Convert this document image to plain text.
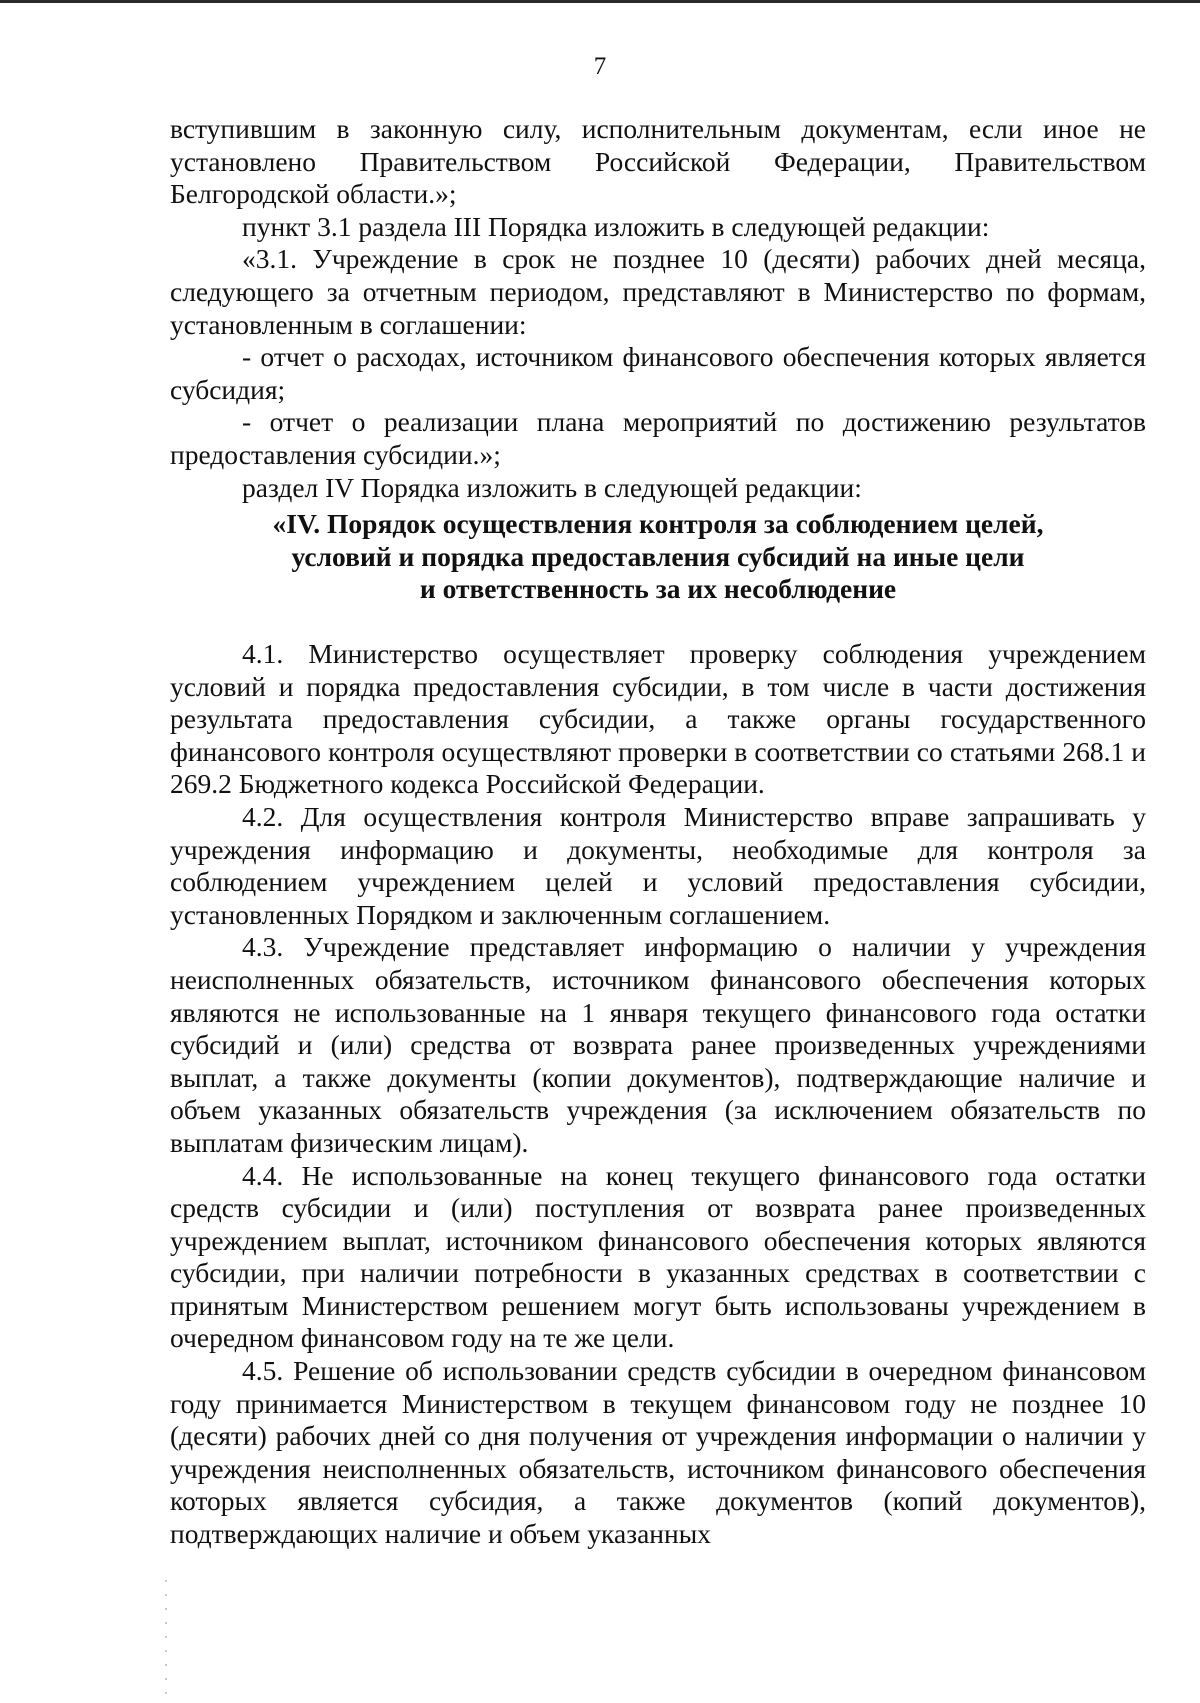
7

вступившим в законную силу, исполнительным документам, если иное не установлено Правительством Российской Федерации, Правительством Белгородской области.»;

пункт 3.1 раздела III Порядка изложить в следующей редакции:

«3.1. Учреждение в срок не позднее 10 (десяти) рабочих дней месяца, следующего за отчетным периодом, представляют в Министерство по формам, установленным в соглашении:

- отчет о расходах, источником финансового обеспечения которых является субсидия;

- отчет о реализации плана мероприятий по достижению результатов предоставления субсидии.»;

раздел IV Порядка изложить в следующей редакции:

«IV. Порядок осуществления контроля за соблюдением целей,
условий и порядка предоставления субсидий на иные цели
и ответственность за их несоблюдение

4.1. Министерство осуществляет проверку соблюдения учреждением условий и порядка предоставления субсидии, в том числе в части достижения результата предоставления субсидии, а также органы государственного финансового контроля осуществляют проверки в соответствии со статьями 268.1 и 269.2 Бюджетного кодекса Российской Федерации.

4.2. Для осуществления контроля Министерство вправе запрашивать у учреждения информацию и документы, необходимые для контроля за соблюдением учреждением целей и условий предоставления субсидии, установленных Порядком и заключенным соглашением.

4.3. Учреждение представляет информацию о наличии у учреждения неисполненных обязательств, источником финансового обеспечения которых являются не использованные на 1 января текущего финансового года остатки субсидий и (или) средства от возврата ранее произведенных учреждениями выплат, а также документы (копии документов), подтверждающие наличие и объем указанных обязательств учреждения (за исключением обязательств по выплатам физическим лицам).

4.4. Не использованные на конец текущего финансового года остатки средств субсидии и (или) поступления от возврата ранее произведенных учреждением выплат, источником финансового обеспечения которых являются субсидии, при наличии потребности в указанных средствах в соответствии с принятым Министерством решением могут быть использованы учреждением в очередном финансовом году на те же цели.

4.5. Решение об использовании средств субсидии в очередном финансовом году принимается Министерством в текущем финансовом году не позднее 10 (десяти) рабочих дней со дня получения от учреждения информации о наличии у учреждения неисполненных обязательств, источником финансового обеспечения которых является субсидия, а также документов (копий документов), подтверждающих наличие и объем указанных
